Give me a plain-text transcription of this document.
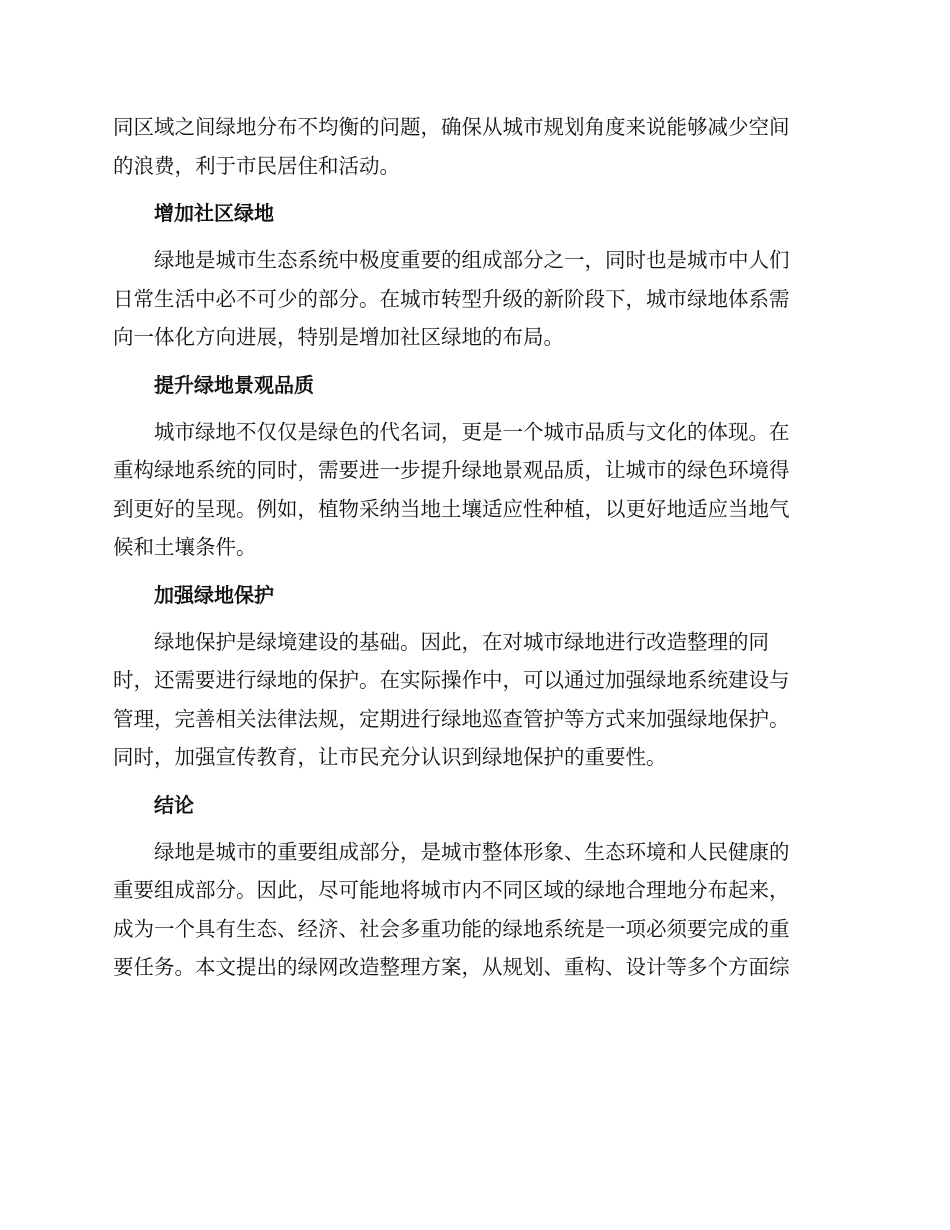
同区域之间绿地分布不均衡的问题，确保从城市规划角度来说能够减少空间
的浪费，利于市民居住和活动。

增加社区绿地

绿地是城市生态系统中极度重要的组成部分之一，同时也是城市中人们
日常生活中必不可少的部分。在城市转型升级的新阶段下，城市绿地体系需
向一体化方向进展，特别是增加社区绿地的布局。

提升绿地景观品质

城市绿地不仅仅是绿色的代名词，更是一个城市品质与文化的体现。在
重构绿地系统的同时，需要进一步提升绿地景观品质，让城市的绿色环境得
到更好的呈现。例如，植物采纳当地土壤适应性种植，以更好地适应当地气
候和土壤条件。

加强绿地保护

绿地保护是绿境建设的基础。因此，在对城市绿地进行改造整理的同
时，还需要进行绿地的保护。在实际操作中，可以通过加强绿地系统建设与
管理，完善相关法律法规，定期进行绿地巡查管护等方式来加强绿地保护。
同时，加强宣传教育，让市民充分认识到绿地保护的重要性。

结论

绿地是城市的重要组成部分，是城市整体形象、生态环境和人民健康的
重要组成部分。因此，尽可能地将城市内不同区域的绿地合理地分布起来，
成为一个具有生态、经济、社会多重功能的绿地系统是一项必须要完成的重
要任务。本文提出的绿网改造整理方案，从规划、重构、设计等多个方面综
